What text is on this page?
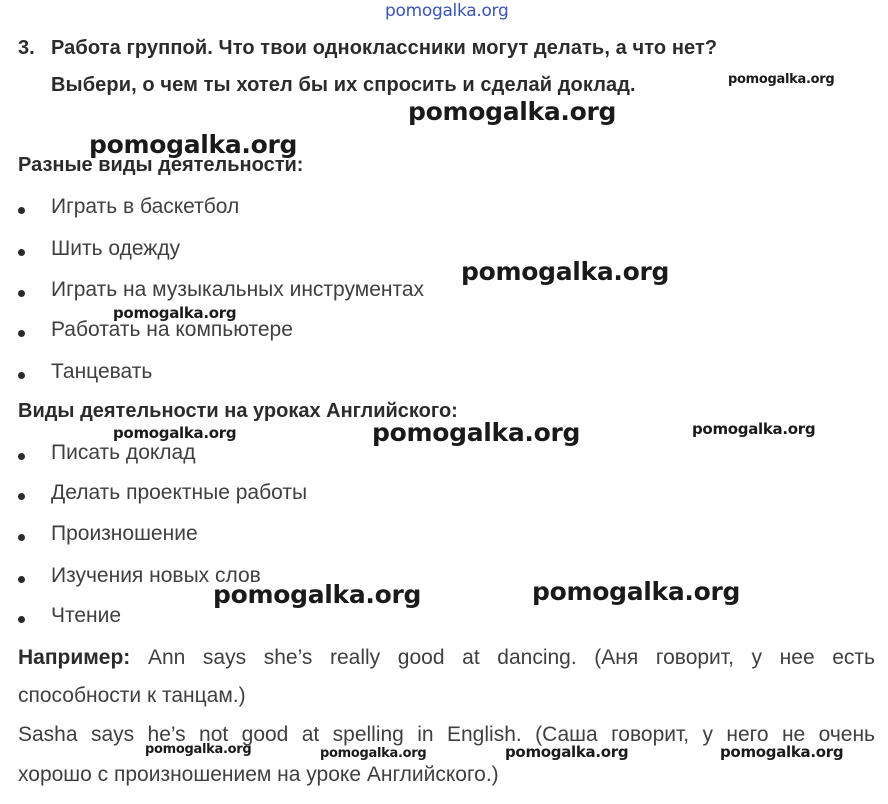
pomogalka.org
3. Работа группой. Что твои одноклассники могут делать, а что нет?
Выбери, о чем ты хотел бы их спросить и сделай доклад.	pomogalka.org
pomogalka.org
pomogalka.org
Разные виды деятельности:
Играть в баскетбол
Шить одежду
Играть на музыкальных инструментах
Работать на компьютере
Танцевать
pomogalka.org
pomogalka.org
Виды деятельности на уроках Английского:
pomogalka.org	pomogalka.org	pomogalka.org
Писать доклад
Делать проектные работы
Произношение
Изучения новых слов
Чтение
pomogalka.org	pomogalka.org
Например: Ann says she’s really good at dancing. (Аня говорит, у нее есть
способности к танцам.)
Sasha says he’s not good at spelling in English. (Саша говорит, у него не очень
хорошо с произношением на уроке Английского.)
pomogalka.org	pomogalka.org	pomogalka.org	pomogalka.org
